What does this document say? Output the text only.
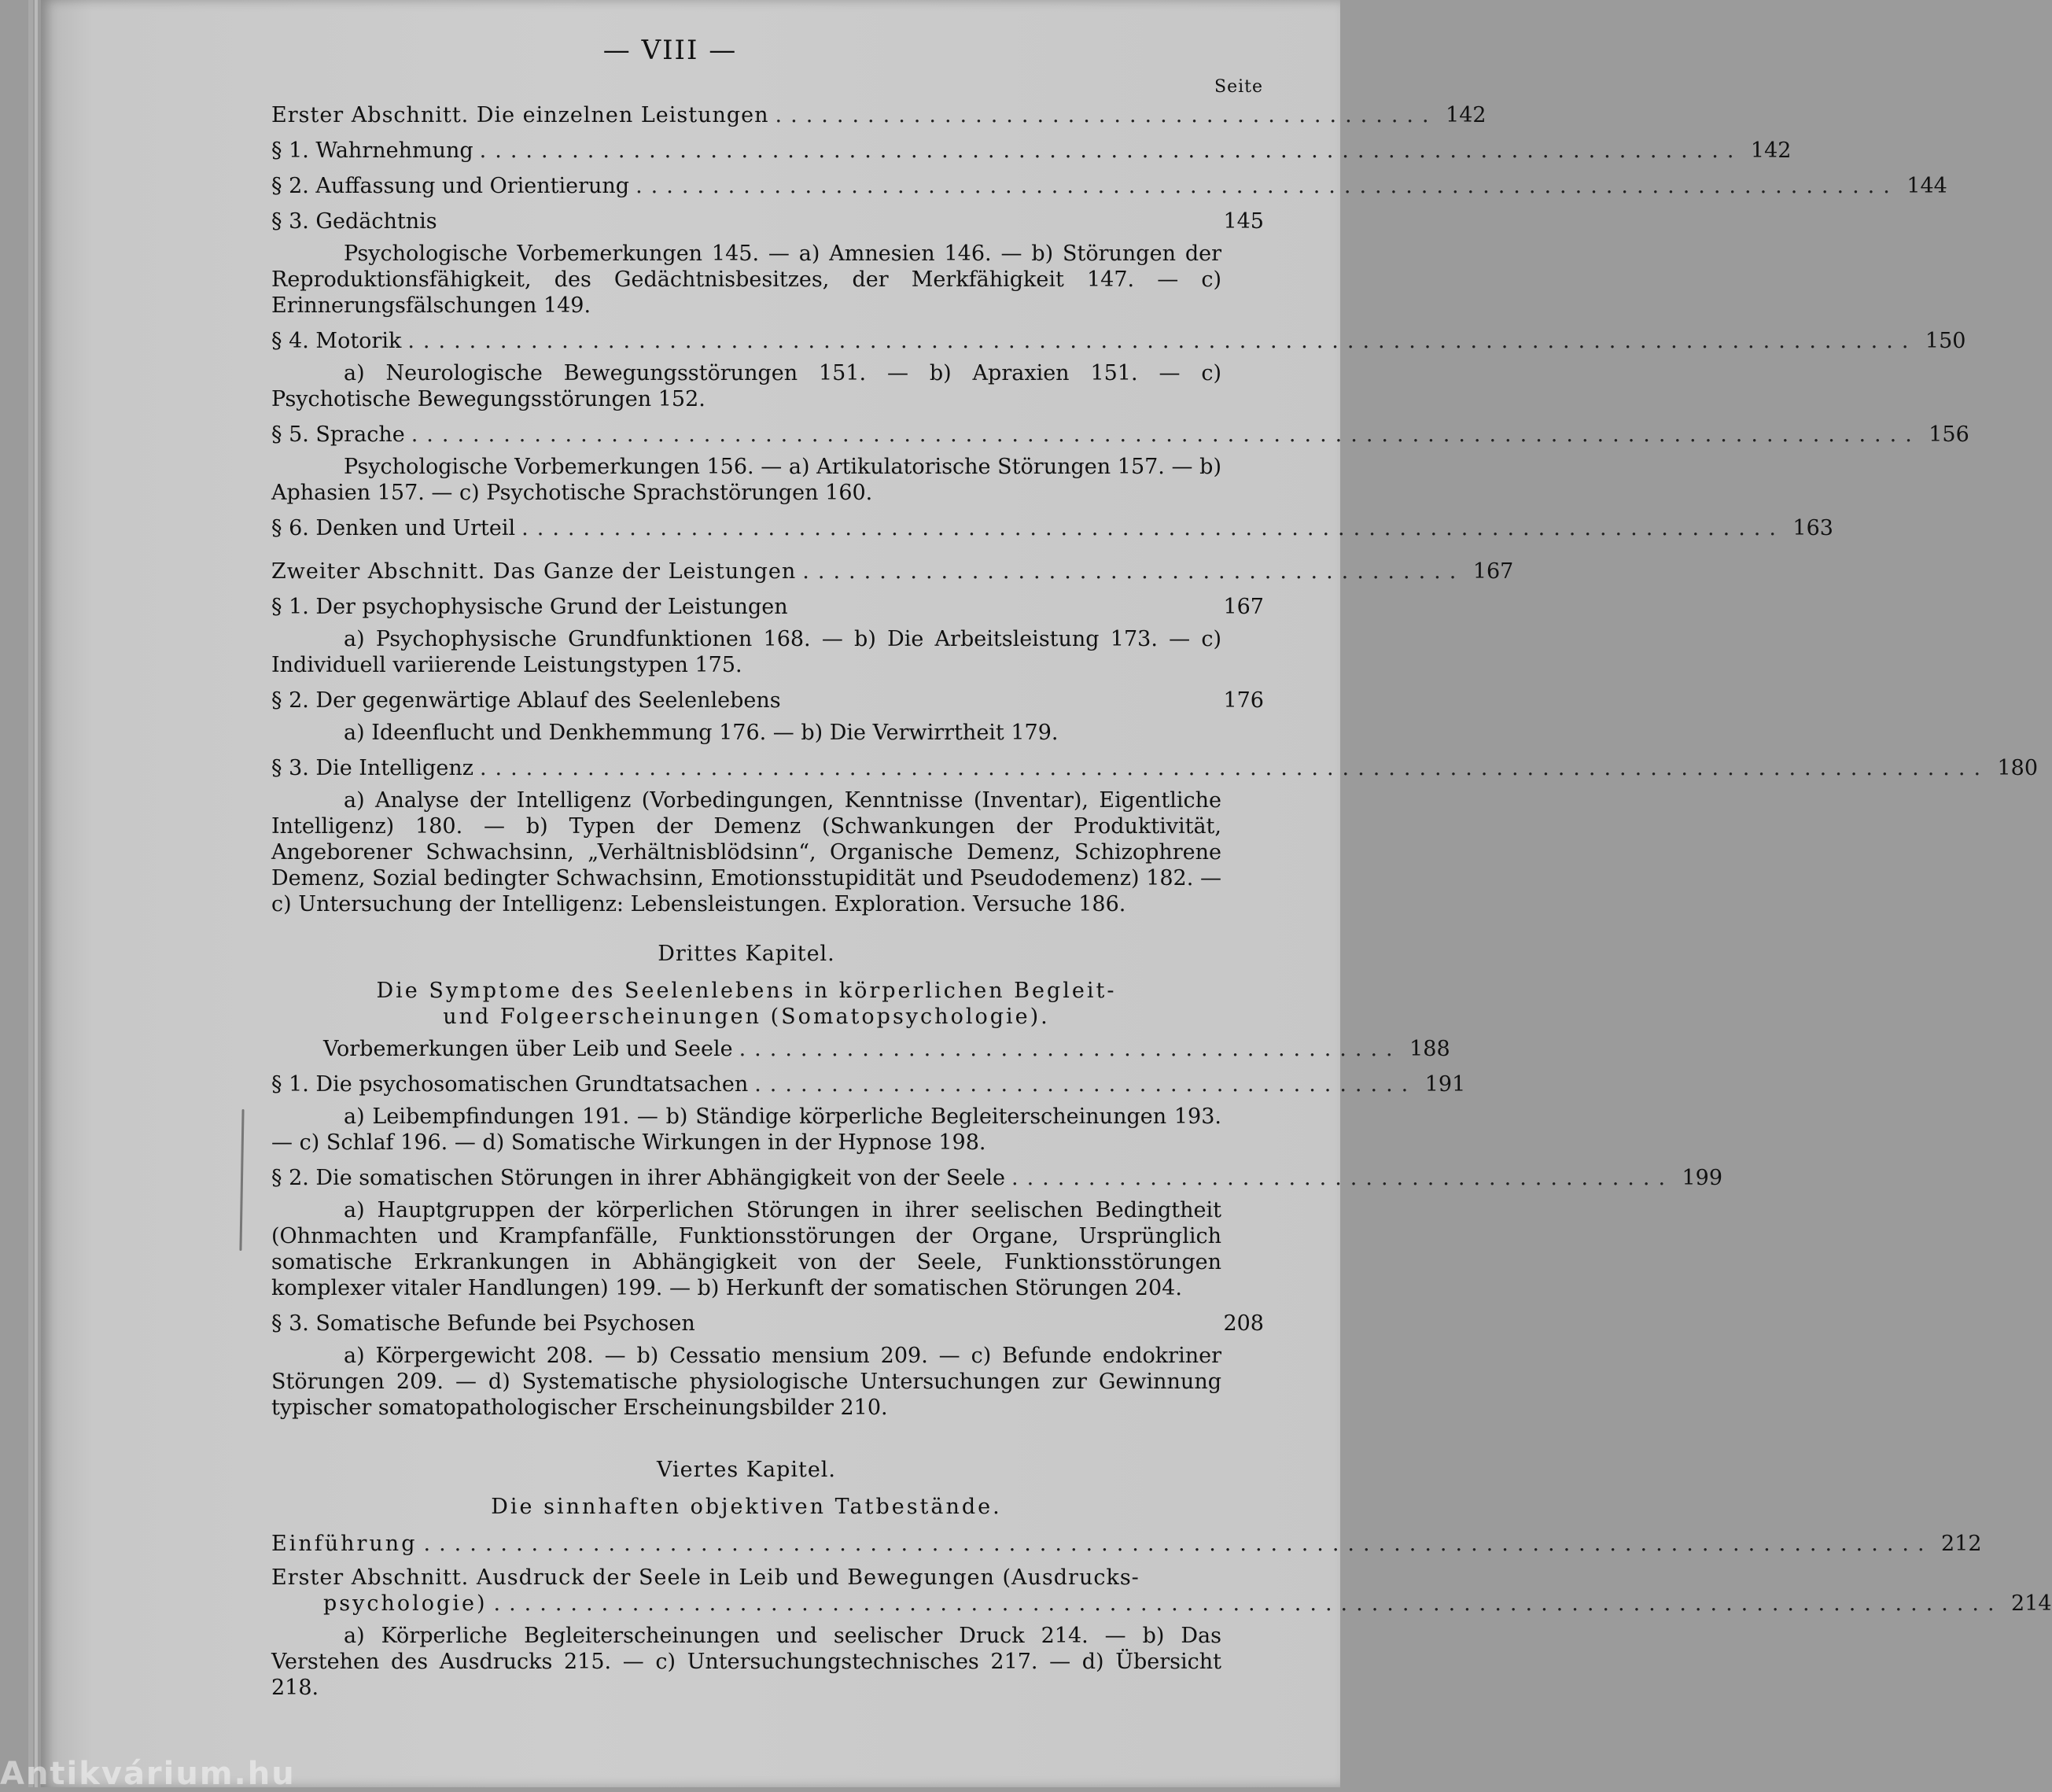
— VIII —
Seite
Erster Abschnitt. Die einzelnen Leistungen ........................................... 142
§ 1. Wahrnehmung .................................................................................. 142
§ 2. Auffassung und Orientierung .................................................................................. 144
§ 3. Gedächtnis	145
Psychologische Vorbemerkungen 145. — a) Amnesien 146. — b) Störungen der Reproduktionsfähigkeit, des Gedächtnisbesitzes, der Merkfähigkeit 147. — c) Erinnerungsfälschungen 149.
§ 4. Motorik .................................................................................................. 150
a) Neurologische Bewegungsstörungen 151. — b) Apraxien 151. — c) Psychotische Bewegungsstörungen 152.
§ 5. Sprache .................................................................................................. 156
Psychologische Vorbemerkungen 156. — a) Artikulatorische Störungen 157. — b) Aphasien 157. — c) Psychotische Sprachstörungen 160.
§ 6. Denken und Urteil .................................................................................. 163
Zweiter Abschnitt. Das Ganze der Leistungen ........................................... 167
§ 1. Der psychophysische Grund der Leistungen	167
a) Psychophysische Grundfunktionen 168. — b) Die Arbeitsleistung 173. — c) Individuell variierende Leistungstypen 175.
§ 2. Der gegenwärtige Ablauf des Seelenlebens	176
a) Ideenflucht und Denkhemmung 176. — b) Die Verwirrtheit 179.
§ 3. Die Intelligenz .................................................................................................. 180
a) Analyse der Intelligenz (Vorbedingungen, Kenntnisse (Inventar), Eigentliche Intelligenz) 180. — b) Typen der Demenz (Schwankungen der Produktivität, Angeborener Schwachsinn, „Verhältnisblödsinn“, Organische Demenz, Schizophrene Demenz, Sozial bedingter Schwachsinn, Emotionsstupidität und Pseudodemenz) 182. — c) Untersuchung der Intelligenz: Lebensleistungen. Exploration. Versuche 186.
Drittes Kapitel.
Die Symptome des Seelenlebens in körperlichen Begleit-
und Folgeerscheinungen (Somatopsychologie).
Vorbemerkungen über Leib und Seele ........................................... 188
§ 1. Die psychosomatischen Grundtatsachen ........................................... 191
a) Leibempfindungen 191. — b) Ständige körperliche Begleiterscheinungen 193. — c) Schlaf 196. — d) Somatische Wirkungen in der Hypnose 198.
§ 2. Die somatischen Störungen in ihrer Abhängigkeit von der Seele ........................................... 199
a) Hauptgruppen der körperlichen Störungen in ihrer seelischen Bedingtheit (Ohnmachten und Krampfanfälle, Funktionsstörungen der Organe, Ursprünglich somatische Erkrankungen in Abhängigkeit von der Seele, Funktionsstörungen komplexer vitaler Handlungen) 199. — b) Herkunft der somatischen Störungen 204.
§ 3. Somatische Befunde bei Psychosen	208
a) Körpergewicht 208. — b) Cessatio mensium 209. — c) Befunde endokriner Störungen 209. — d) Systematische physiologische Untersuchungen zur Gewinnung typischer somatopathologischer Erscheinungsbilder 210.
Viertes Kapitel.
Die sinnhaften objektiven Tatbestände.
Einführung .................................................................................................. 212
Erster Abschnitt. Ausdruck der Seele in Leib und Bewegungen (Ausdrucks-
psychologie) .................................................................................................. 214
a) Körperliche Begleiterscheinungen und seelischer Druck 214. — b) Das Verstehen des Ausdrucks 215. — c) Untersuchungstechnisches 217. — d) Übersicht 218.
Antikvárium.hu
